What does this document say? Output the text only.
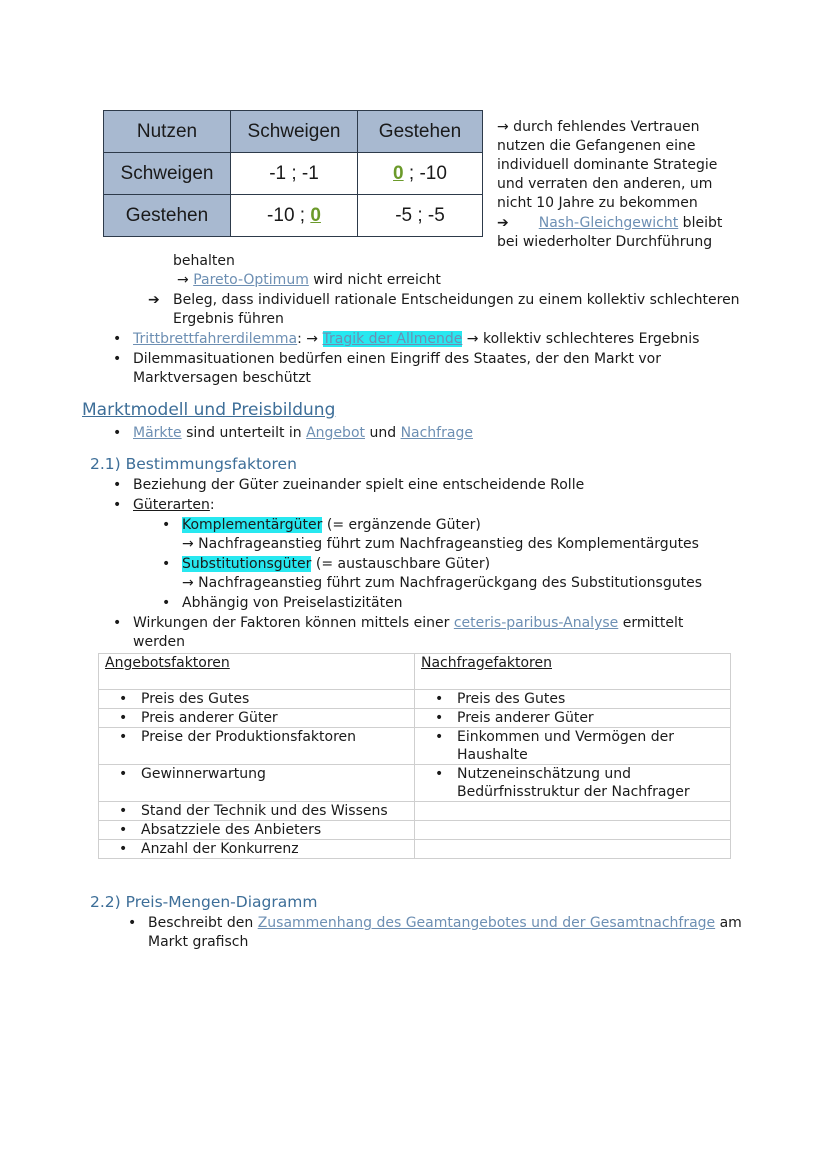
Nutzen	Schweigen	Gestehen
Schweigen	-1 ; -1	0 ; -10
Gestehen	-10 ; 0	-5 ; -5
→ durch fehlendes Vertrauen
nutzen die Gefangenen eine
individuell dominante Strategie
und verraten den anderen, um
nicht 10 Jahre zu bekommen
➔ Nash-Gleichgewicht bleibt
bei wiederholter Durchführung
behalten
→ Pareto-Optimum wird nicht erreicht
➔ Beleg, dass individuell rationale Entscheidungen zu einem kollektiv schlechteren
Ergebnis führen
• Trittbrettfahrerdilemma: → Tragik der Allmende → kollektiv schlechteres Ergebnis
• Dilemmasituationen bedürfen einen Eingriff des Staates, der den Markt vor
Marktversagen beschützt
Marktmodell und Preisbildung
• Märkte sind unterteilt in Angebot und Nachfrage
2.1) Bestimmungsfaktoren
• Beziehung der Güter zueinander spielt eine entscheidende Rolle
• Güterarten:
• Komplementärgüter (= ergänzende Güter)
→ Nachfrageanstieg führt zum Nachfrageanstieg des Komplementärgutes
• Substitutionsgüter (= austauschbare Güter)
→ Nachfrageanstieg führt zum Nachfragerückgang des Substitutionsgutes
• Abhängig von Preiselastizitäten
• Wirkungen der Faktoren können mittels einer ceteris-paribus-Analyse ermittelt
werden
Angebotsfaktoren	Nachfragefaktoren

• Preis des Gutes	• Preis des Gutes

• Preis anderer Güter	• Preis anderer Güter

• Preise der Produktionsfaktoren	• Einkommen und Vermögen der Haushalte

• Gewinnerwartung	• Nutzeneinschätzung und Bedürfnisstruktur der Nachfrager

• Stand der Technik und des Wissens

• Absatzziele des Anbieters

• Anzahl der Konkurrenz

2.2) Preis-Mengen-Diagramm
• Beschreibt den Zusammenhang des Geamtangebotes und der Gesamtnachfrage am
Markt grafisch
